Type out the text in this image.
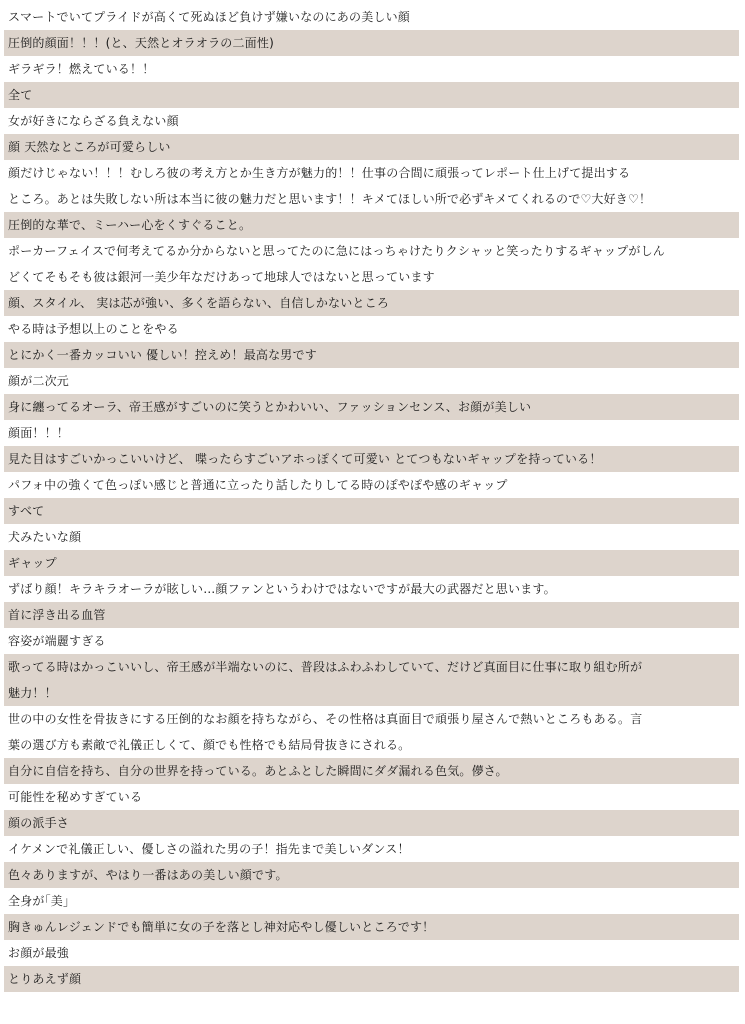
スマートでいてプライドが高くて死ぬほど負けず嫌いなのにあの美しい顔
圧倒的顔面！！！(と、天然とオラオラの二面性)
ギラギラ！燃えている！！
全て
女が好きにならざる負えない顔
顔 天然なところが可愛らしい
顔だけじゃない！！！むしろ彼の考え方とか生き方が魅力的！！仕事の合間に頑張ってレポート仕上げて提出する
ところ。あとは失敗しない所は本当に彼の魅力だと思います！！キメてほしい所で必ずキメてくれるので♡大好き♡！
圧倒的な華で、ミーハー心をくすぐること。
ポーカーフェイスで何考えてるか分からないと思ってたのに急にはっちゃけたりクシャッと笑ったりするギャップがしん
どくてそもそも彼は銀河一美少年なだけあって地球人ではないと思っています
顔、スタイル、 実は芯が強い、多くを語らない、自信しかないところ
やる時は予想以上のことをやる
とにかく一番カッコいい 優しい！控えめ！最高な男です
顔が二次元
身に纏ってるオーラ、帝王感がすごいのに笑うとかわいい、ファッションセンス、お顔が美しい
顔面！！！
見た目はすごいかっこいいけど、 喋ったらすごいアホっぽくて可愛い とてつもないギャップを持っている！
パフォ中の強くて色っぽい感じと普通に立ったり話したりしてる時のぽやぽや感のギャップ
すべて
犬みたいな顔
ギャップ
ずばり顔！キラキラオーラが眩しい…顔ファンというわけではないですが最大の武器だと思います。
首に浮き出る血管
容姿が端麗すぎる
歌ってる時はかっこいいし、帝王感が半端ないのに、普段はふわふわしていて、だけど真面目に仕事に取り組む所が
魅力！！
世の中の女性を骨抜きにする圧倒的なお顔を持ちながら、その性格は真面目で頑張り屋さんで熱いところもある。言
葉の選び方も素敵で礼儀正しくて、顔でも性格でも結局骨抜きにされる。
自分に自信を持ち、自分の世界を持っている。あとふとした瞬間にダダ漏れる色気。儚さ。
可能性を秘めすぎている
顔の派手さ
イケメンで礼儀正しい、優しさの溢れた男の子！指先まで美しいダンス！
色々ありますが、やはり一番はあの美しい顔です。
全身が｢美｣
胸きゅんレジェンドでも簡単に女の子を落とし神対応やし優しいところです！
お顔が最強
とりあえず顔
